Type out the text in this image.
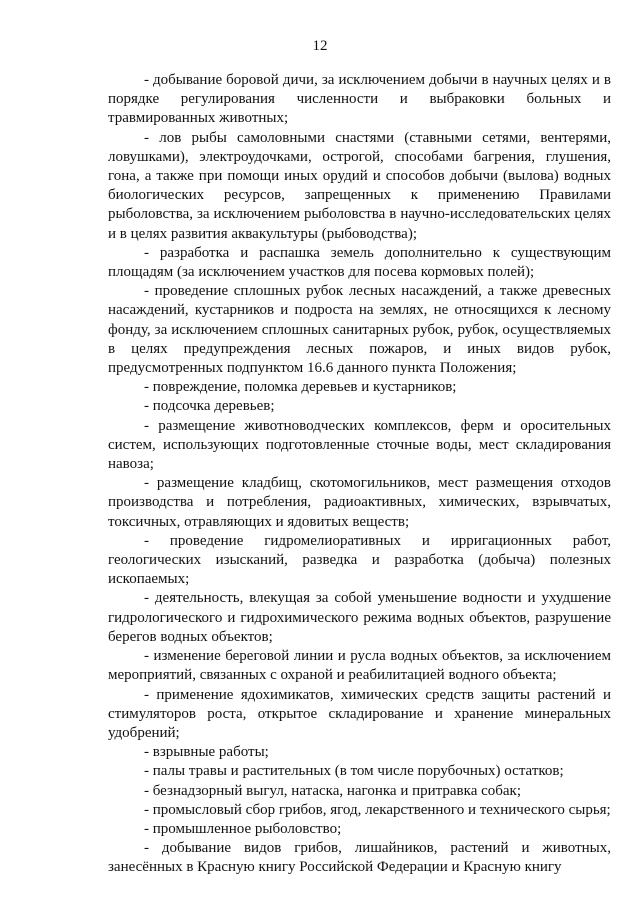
12

- добывание боровой дичи, за исключением добычи в научных целях и в порядке регулирования численности и выбраковки больных и травмированных животных;

- лов рыбы самоловными снастями (ставными сетями, вентерями, ловушками), электроудочками, острогой, способами багрения, глушения, гона, а также при помощи иных орудий и способов добычи (вылова) водных биологических ресурсов, запрещенных к применению Правилами рыболовства, за исключением рыболовства в научно-исследовательских целях и в целях развития аквакультуры (рыбоводства);

- разработка и распашка земель дополнительно к существующим площадям (за исключением участков для посева кормовых полей);

- проведение сплошных рубок лесных насаждений, а также древесных насаждений, кустарников и подроста на землях, не относящихся к лесному фонду, за исключением сплошных санитарных рубок, рубок, осуществляемых в целях предупреждения лесных пожаров, и иных видов рубок, предусмотренных подпунктом 16.6 данного пункта Положения;

- повреждение, поломка деревьев и кустарников;

- подсочка деревьев;

- размещение животноводческих комплексов, ферм и оросительных систем, использующих подготовленные сточные воды, мест складирования навоза;

- размещение кладбищ, скотомогильников, мест размещения отходов производства и потребления, радиоактивных, химических, взрывчатых, токсичных, отравляющих и ядовитых веществ;

- проведение гидромелиоративных и ирригационных работ, геологических изысканий, разведка и разработка (добыча) полезных ископаемых;

- деятельность, влекущая за собой уменьшение водности и ухудшение гидрологического и гидрохимического режима водных объектов, разрушение берегов водных объектов;

- изменение береговой линии и русла водных объектов, за исключением мероприятий, связанных с охраной и реабилитацией водного объекта;

- применение ядохимикатов, химических средств защиты растений и стимуляторов роста, открытое складирование и хранение минеральных удобрений;

- взрывные работы;

- палы травы и растительных (в том числе порубочных) остатков;

- безнадзорный выгул, натаска, нагонка и притравка собак;

- промысловый сбор грибов, ягод, лекарственного и технического сырья;

- промышленное рыболовство;

- добывание видов грибов, лишайников, растений и животных, занесённых в Красную книгу Российской Федерации и Красную книгу
